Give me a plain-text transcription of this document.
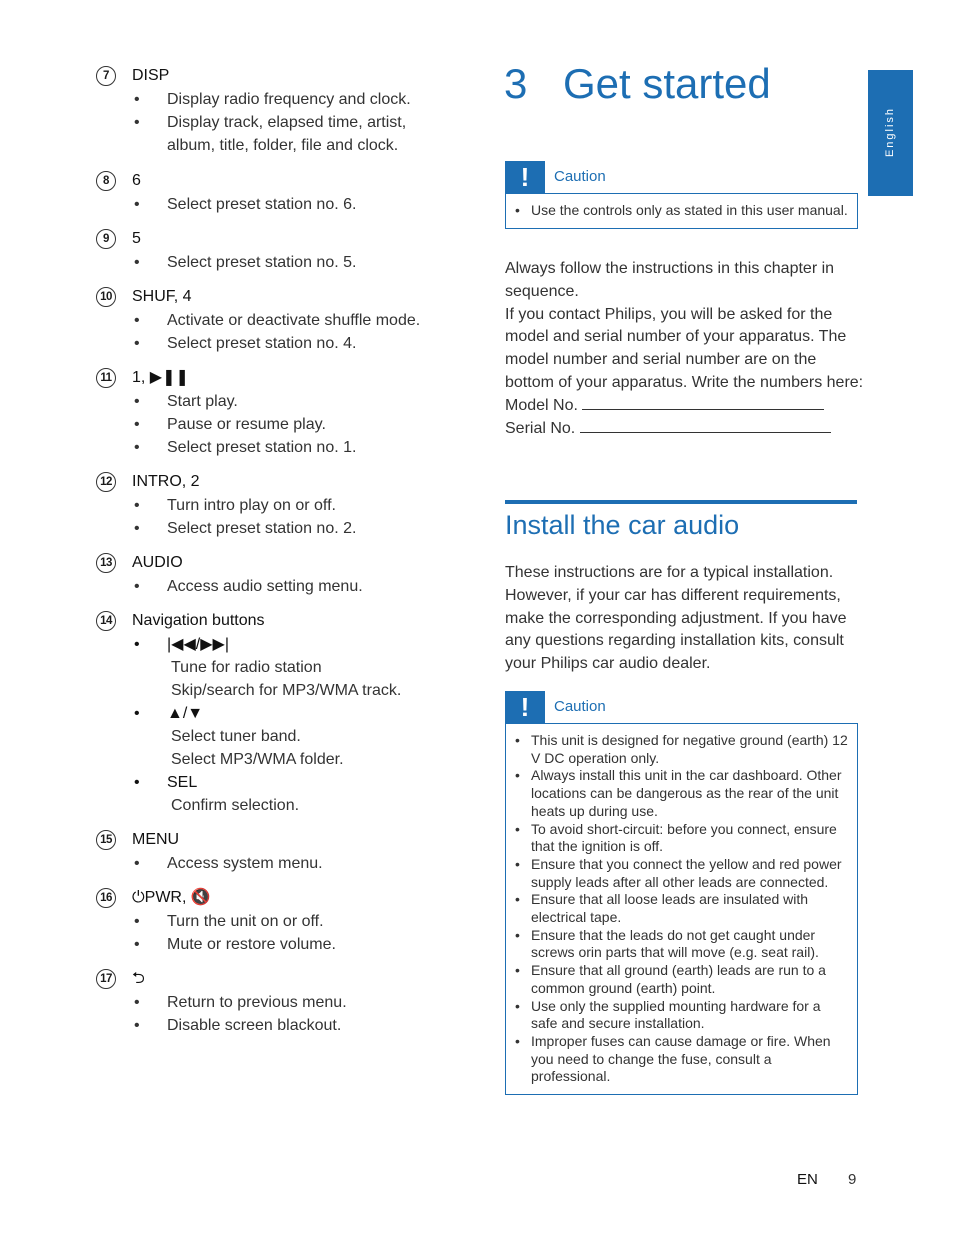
7	DISP
• Display radio frequency and clock.
• Display track, elapsed time, artist,
album, title, folder, file and clock.
8	6
• Select preset station no. 6.
9	5
• Select preset station no. 5.
10 SHUF, 4
• Activate or deactivate shuffle mode.
• Select preset station no. 4.
11 1, ▶❚❚
• Start play.
• Pause or resume play.
• Select preset station no. 1.
12 INTRO, 2
• Turn intro play on or off.
• Select preset station no. 2.
13 AUDIO
• Access audio setting menu.
14 Navigation buttons
• |◀◀/▶▶|
Tune for radio station
Skip/search for MP3/WMA track.
• ▲/▼
Select tuner band.
Select MP3/WMA folder.
• SEL
Confirm selection.
15 MENU
• Access system menu.
16 ⏻PWR, 🔇
• Turn the unit on or off.
• Mute or restore volume.
17 ⮌
• Return to previous menu.
• Disable screen blackout.
3 Get started
!	Caution
• Use the controls only as stated in this user manual.

Always follow the instructions in this chapter in sequence.

If you contact Philips, you will be asked for the model and serial number of your apparatus. The model number and serial number are on the bottom of your apparatus. Write the numbers here:

Model No.

Serial No.

Install the car audio

These instructions are for a typical installation. However, if your car has different requirements, make the corresponding adjustment. If you have any questions regarding installation kits, consult your Philips car audio dealer.

!	Caution
• This unit is designed for negative ground (earth) 12 V DC operation only.
• Always install this unit in the car dashboard. Other locations can be dangerous as the rear of the unit heats up during use.
• To avoid short-circuit: before you connect, ensure that the ignition is off.
• Ensure that you connect the yellow and red power supply leads after all other leads are connected.
• Ensure that all loose leads are insulated with electrical tape.
• Ensure that the leads do not get caught under screws orin parts that will move (e.g. seat rail).
• Ensure that all ground (earth) leads are run to a common ground (earth) point.
• Use only the supplied mounting hardware for a safe and secure installation.
• Improper fuses can cause damage or fire. When you need to change the fuse, consult a professional.
English
EN 9
